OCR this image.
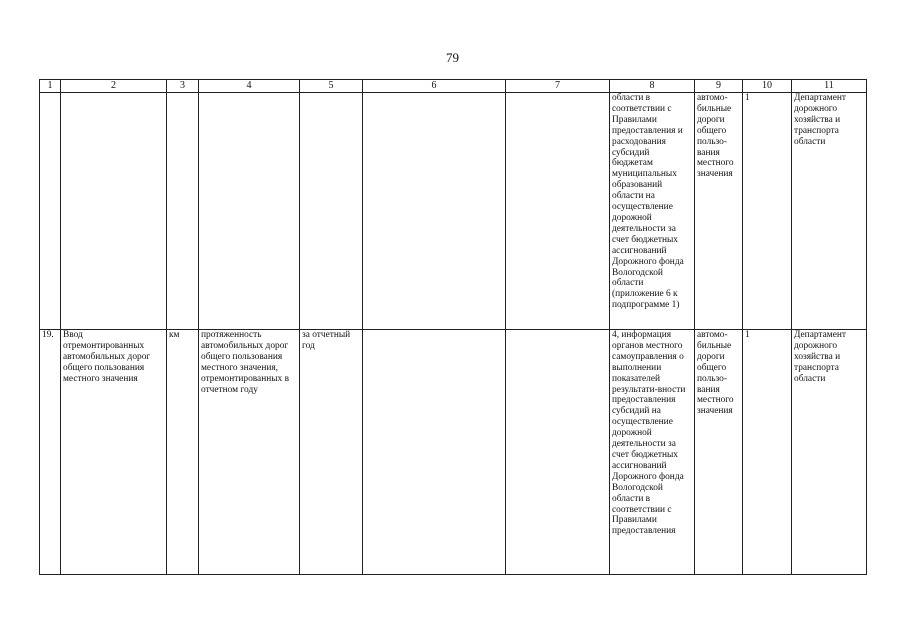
79
1	2	3	4	5	6	7	8	9	10	11
							области в соответствии с Правилами предоставления и расходования субсидий бюджетам муниципальных образований области на осуществление дорожной деятельности за счет бюджетных ассигнований Дорожного фонда Вологодской области (приложение 6 к подпрограмме 1)	автомо-бильные дороги общего пользо-вания местного значения	1	Департамент дорожного хозяйства и транспорта области
19.	Ввод отремонтированных автомобильных дорог общего пользования местного значения	км	протяженность автомобильных дорог общего пользования местного значения, отремонтированных в отчетном году	за отчетный год			4, информация органов местного самоуправления о выполнении показателей результати-вности предоставления субсидий на осуществление дорожной деятельности за счет бюджетных ассигнований Дорожного фонда Вологодской области в соответствии с Правилами предоставления	автомо-бильные дороги общего пользо-вания местного значения	1	Департамент дорожного хозяйства и транспорта области
